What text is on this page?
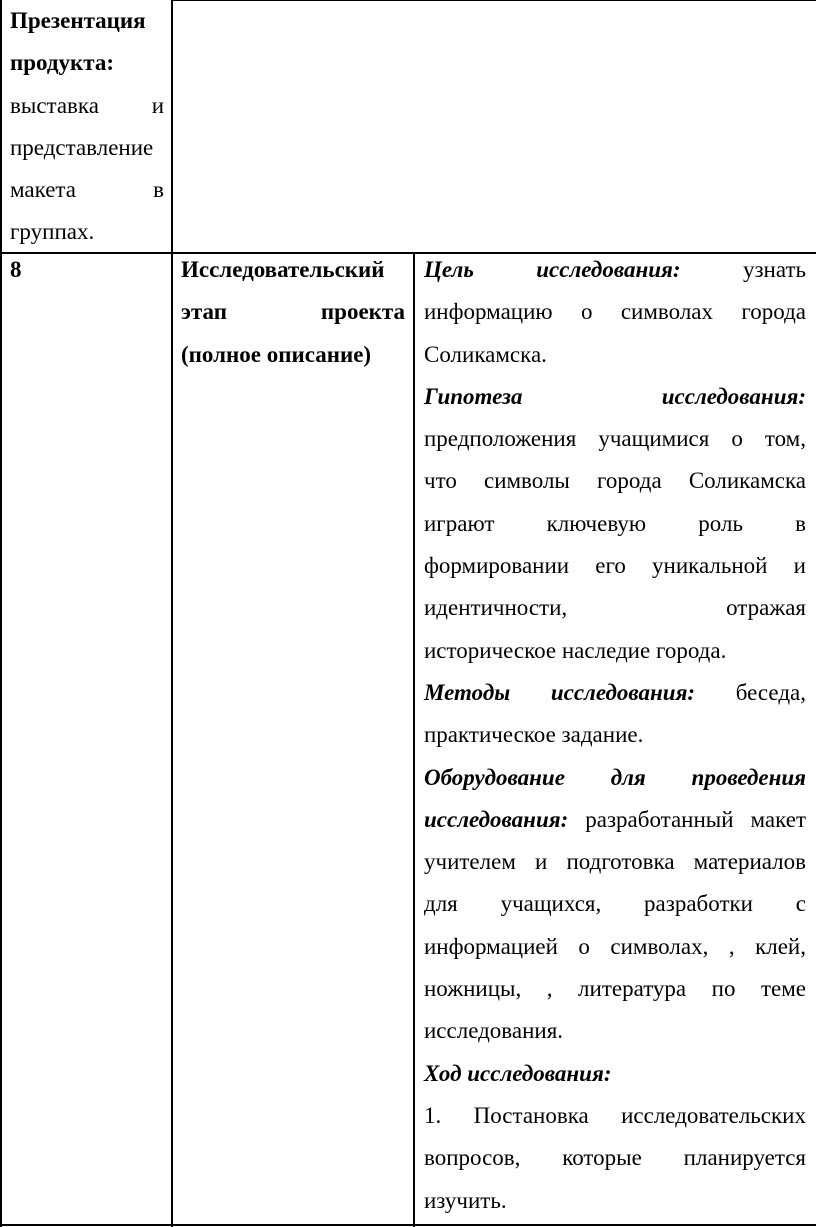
Презентация
продукта:
выставка и
представление
макета в
группах.
8	Исследовательский
этап проекта
(полное описание)
Цель исследования:	узнать
информацию о символах города
Соликамска.
Гипотеза исследования:
предположения учащимися о том,
что символы города Соликамска
играют ключевую роль в
формировании его уникальной и
идентичности, отражая
историческое наследие города.
Методы исследования: беседа,
практическое задание.
Оборудование для проведения
исследования: разработанный макет
учителем и подготовка материалов
для учащихся, разработки с
информацией о символах, , клей,
ножницы, , литература по теме
исследования.
Ход исследования:
1. Постановка исследовательских
вопросов, которые планируется
изучить.
